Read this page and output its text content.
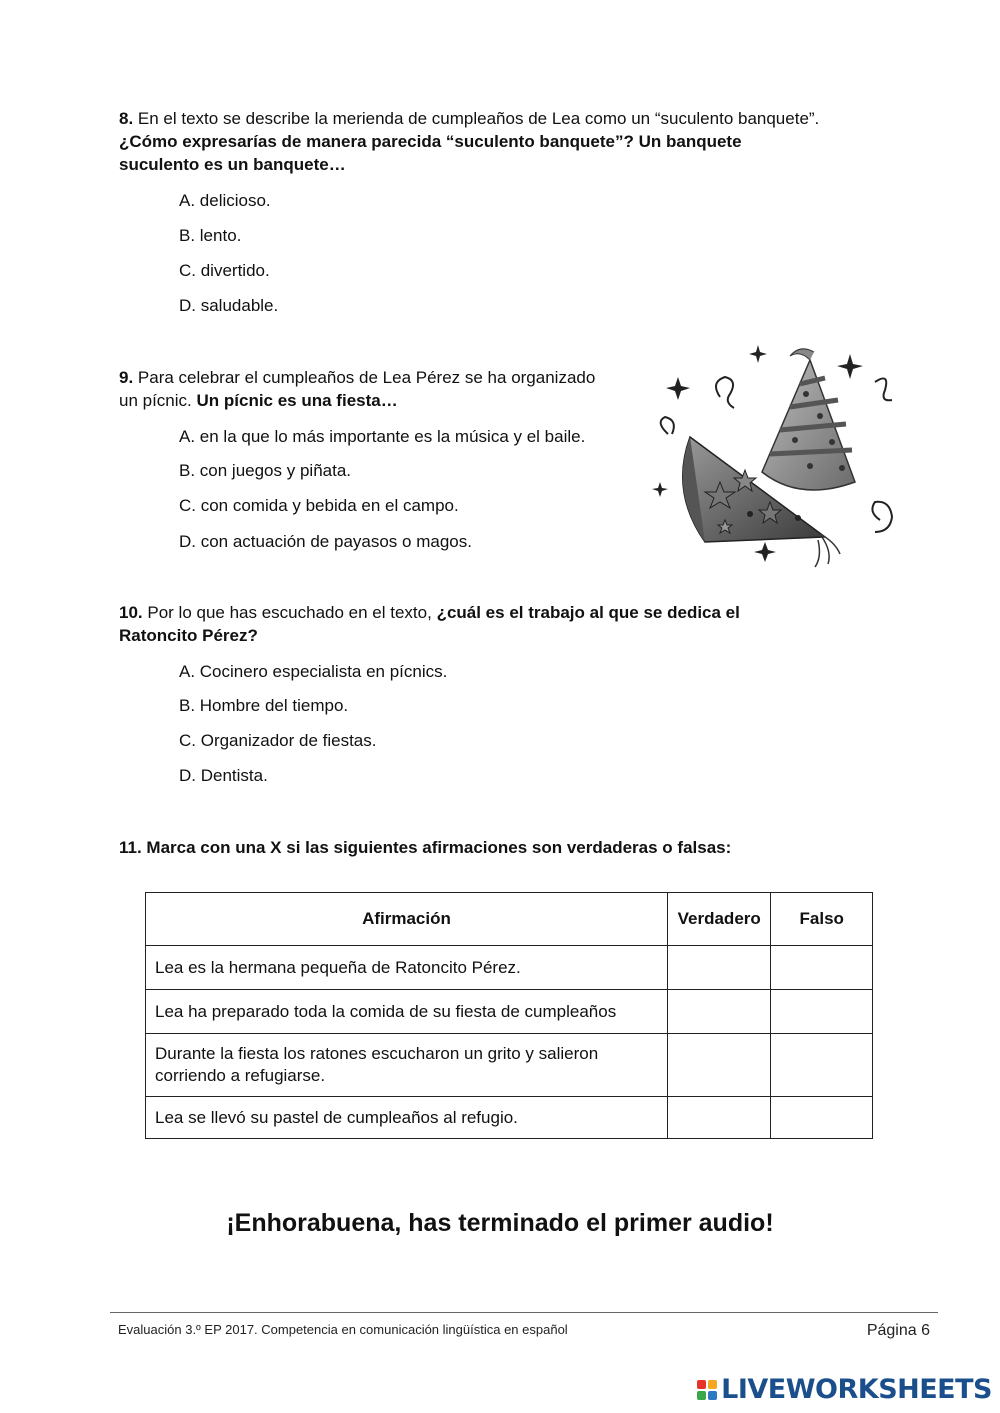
8. En el texto se describe la merienda de cumpleaños de Lea como un “suculento banquete”.
¿Cómo expresarías de manera parecida “suculento banquete”? Un banquete
suculento es un banquete…
A. delicioso.
B. lento.
C. divertido.
D. saludable.
9. Para celebrar el cumpleaños de Lea Pérez se ha organizado
un pícnic. Un pícnic es una fiesta…
A. en la que lo más importante es la música y el baile.
B. con juegos y piñata.
C. con comida y bebida en el campo.
D. con actuación de payasos o magos.
10. Por lo que has escuchado en el texto, ¿cuál es el trabajo al que se dedica el
Ratoncito Pérez?
A. Cocinero especialista en pícnics.
B. Hombre del tiempo.
C. Organizador de fiestas.
D. Dentista.
11. Marca con una X si las siguientes afirmaciones son verdaderas o falsas:
Afirmación	Verdadero	Falso
Lea es la hermana pequeña de Ratoncito Pérez.		
Lea ha preparado toda la comida de su fiesta de cumpleaños		
Durante la fiesta los ratones escucharon un grito y salieron corriendo a refugiarse.		
Lea se llevó su pastel de cumpleaños al refugio.		
¡Enhorabuena, has terminado el primer audio!
Evaluación 3.º EP 2017. Competencia en comunicación lingüística en español	Página 6
LIVEWORKSHEETS
